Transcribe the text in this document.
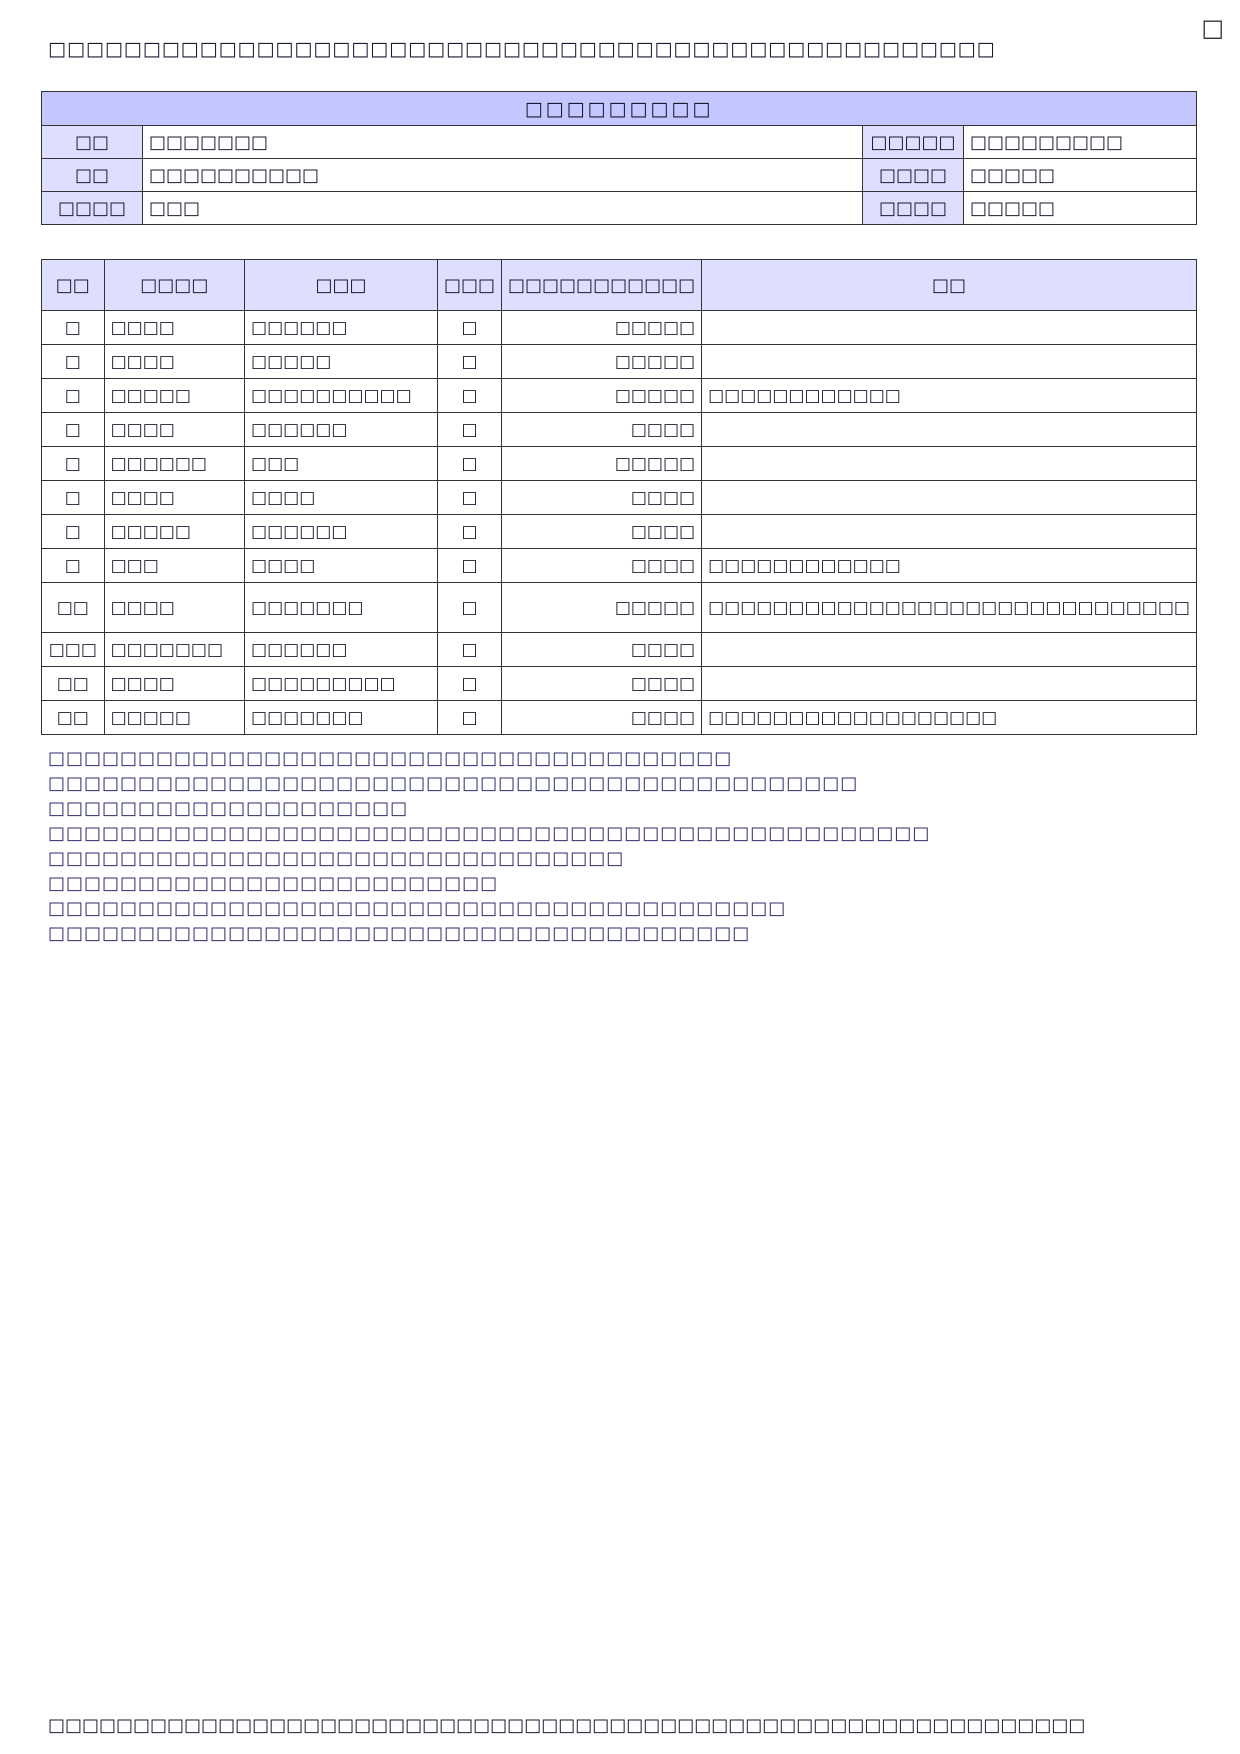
□
□□□□□□□□□□□□□□□□□□□□□□□□□□□□□□□□□□□□□□□□□□□□□□□□□□
□□□□□□□□□			
□□	□□□□□□□	□□□□□	□□□□□□□□□
□□	□□□□□□□□□□	□□□□	□□□□□
□□□□	□□□	□□□□	□□□□□
□□	□□□□	□□□	□□□	□□□□□□□□□□□	□□
□	□□□□	□□□□□□	□	□□□□□	
□	□□□□	□□□□□	□	□□□□□	
□	□□□□□	□□□□□□□□□□	□	□□□□□	□□□□□□□□□□□□
□	□□□□	□□□□□□	□	□□□□	
□	□□□□□□	□□□	□	□□□□□	
□	□□□□	□□□□	□	□□□□	
□	□□□□□	□□□□□□	□	□□□□	
□	□□□	□□□□	□	□□□□	□□□□□□□□□□□□
□□	□□□□	□□□□□□□	□	□□□□□	□□□□□□□□□□□□□□□□□□□□□□□□□□□□□□
□□□	□□□□□□□	□□□□□□	□	□□□□	
□□	□□□□	□□□□□□□□□	□	□□□□	
□□	□□□□□	□□□□□□□	□	□□□□	□□□□□□□□□□□□□□□□□□
□□□□□□□□□□□□□□□□□□□□□□□□□□□□□□□□□□□□□□
□□□□□□□□□□□□□□□□□□□□□□□□□□□□□□□□□□□□□□□□□□□□□
□□□□□□□□□□□□□□□□□□□□
□□□□□□□□□□□□□□□□□□□□□□□□□□□□□□□□□□□□□□□□□□□□□□□□□
□□□□□□□□□□□□□□□□□□□□□□□□□□□□□□□□
□□□□□□□□□□□□□□□□□□□□□□□□□
□□□□□□□□□□□□□□□□□□□□□□□□□□□□□□□□□□□□□□□□□
□□□□□□□□□□□□□□□□□□□□□□□□□□□□□□□□□□□□□□□
□□□□□□□□□□□□□□□□□□□□□□□□□□□□□□□□□□□□□□□□□□□□□□□□□□□□□□□□□□□□□
